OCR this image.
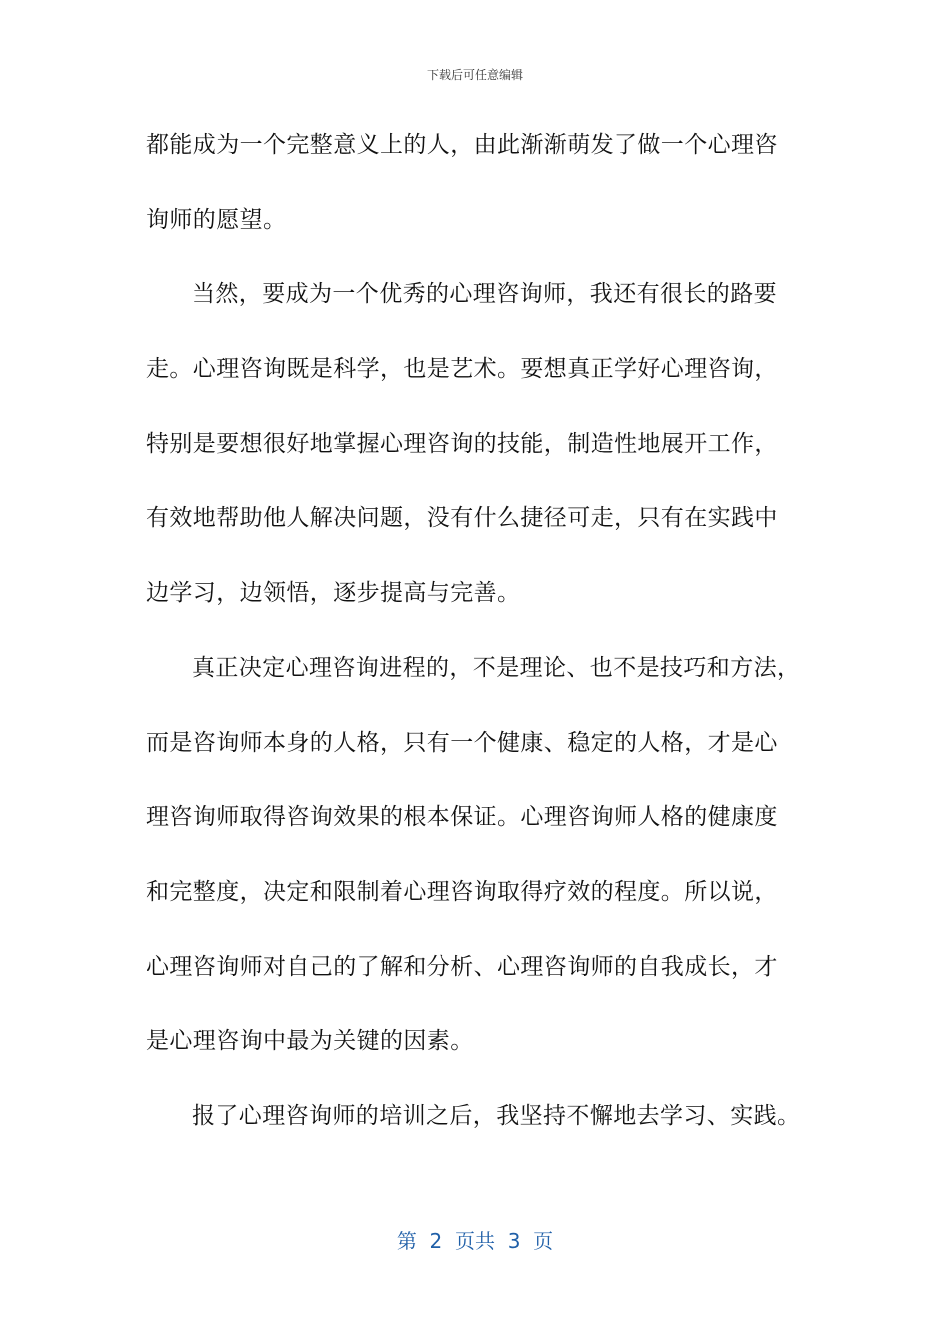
下载后可任意编辑
都能成为一个完整意义上的人，由此渐渐萌发了做一个心理咨
询师的愿望。
当然，要成为一个优秀的心理咨询师，我还有很长的路要
走。心理咨询既是科学，也是艺术。要想真正学好心理咨询，
特别是要想很好地掌握心理咨询的技能，制造性地展开工作，
有效地帮助他人解决问题，没有什么捷径可走，只有在实践中
边学习，边领悟，逐步提高与完善。
真正决定心理咨询进程的，不是理论、也不是技巧和方法，
而是咨询师本身的人格，只有一个健康、稳定的人格，才是心
理咨询师取得咨询效果的根本保证。心理咨询师人格的健康度
和完整度，决定和限制着心理咨询取得疗效的程度。所以说，
心理咨询师对自己的了解和分析、心理咨询师的自我成长，才
是心理咨询中最为关键的因素。
报了心理咨询师的培训之后，我坚持不懈地去学习、实践。
第  2  页共  3  页
